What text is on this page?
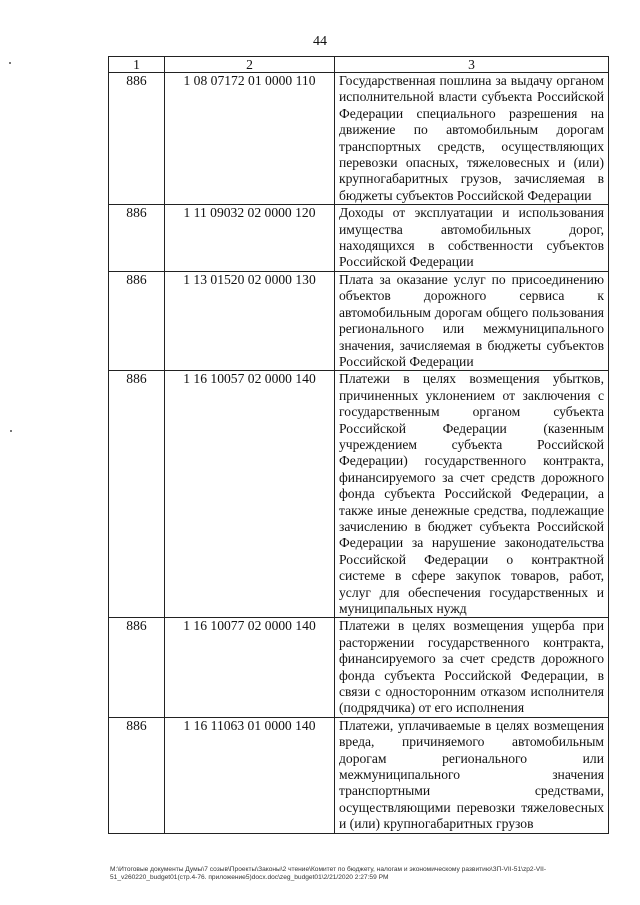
44
1	2	3
886	1 08 07172 01 0000 110	Государственная пошлина за выдачу органом исполнительной власти субъекта Российской Федерации специального разрешения на движение по автомобильным дорогам транспортных средств, осуществляющих перевозки опасных, тяжеловесных и (или) крупногабаритных грузов, зачисляемая в бюджеты субъектов Российской Федерации
886	1 11 09032 02 0000 120	Доходы от эксплуатации и использования имущества автомобильных дорог, находящихся в собственности субъектов Российской Федерации
886	1 13 01520 02 0000 130	Плата за оказание услуг по присоединению объектов дорожного сервиса к автомобильным дорогам общего пользования регионального или межмуниципального значения, зачисляемая в бюджеты субъектов Российской Федерации
886	1 16 10057 02 0000 140	Платежи в целях возмещения убытков, причиненных уклонением от заключения с государственным органом субъекта Российской Федерации (казенным учреждением субъекта Российской Федерации) государственного контракта, финансируемого за счет средств дорожного фонда субъекта Российской Федерации, а также иные денежные средства, подлежащие зачислению в бюджет субъекта Российской Федерации за нарушение законодательства Российской Федерации о контрактной системе в сфере закупок товаров, работ, услуг для обеспечения государственных и муниципальных нужд
886	1 16 10077 02 0000 140	Платежи в целях возмещения ущерба при расторжении государственного контракта, финансируемого за счет средств дорожного фонда субъекта Российской Федерации, в связи с односторонним отказом исполнителя (подрядчика) от его исполнения
886	1 16 11063 01 0000 140	Платежи, уплачиваемые в целях возмещения вреда, причиняемого автомобильным дорогам регионального или межмуниципального значения транспортными средствами, осуществляющими перевозки тяжеловесных и (или) крупногабаритных грузов
M:\Итоговые документы Думы\7 созыв\Проекты\Законы\2 чтение\Комитет по бюджету, налогам и экономическому развитию\ЗП-VII-51\zp2-VII-51_v260220_budget01(стр.4-76. приложение5)docx.doc\zeg_budget01\2/21/2020 2:27:59 PM
